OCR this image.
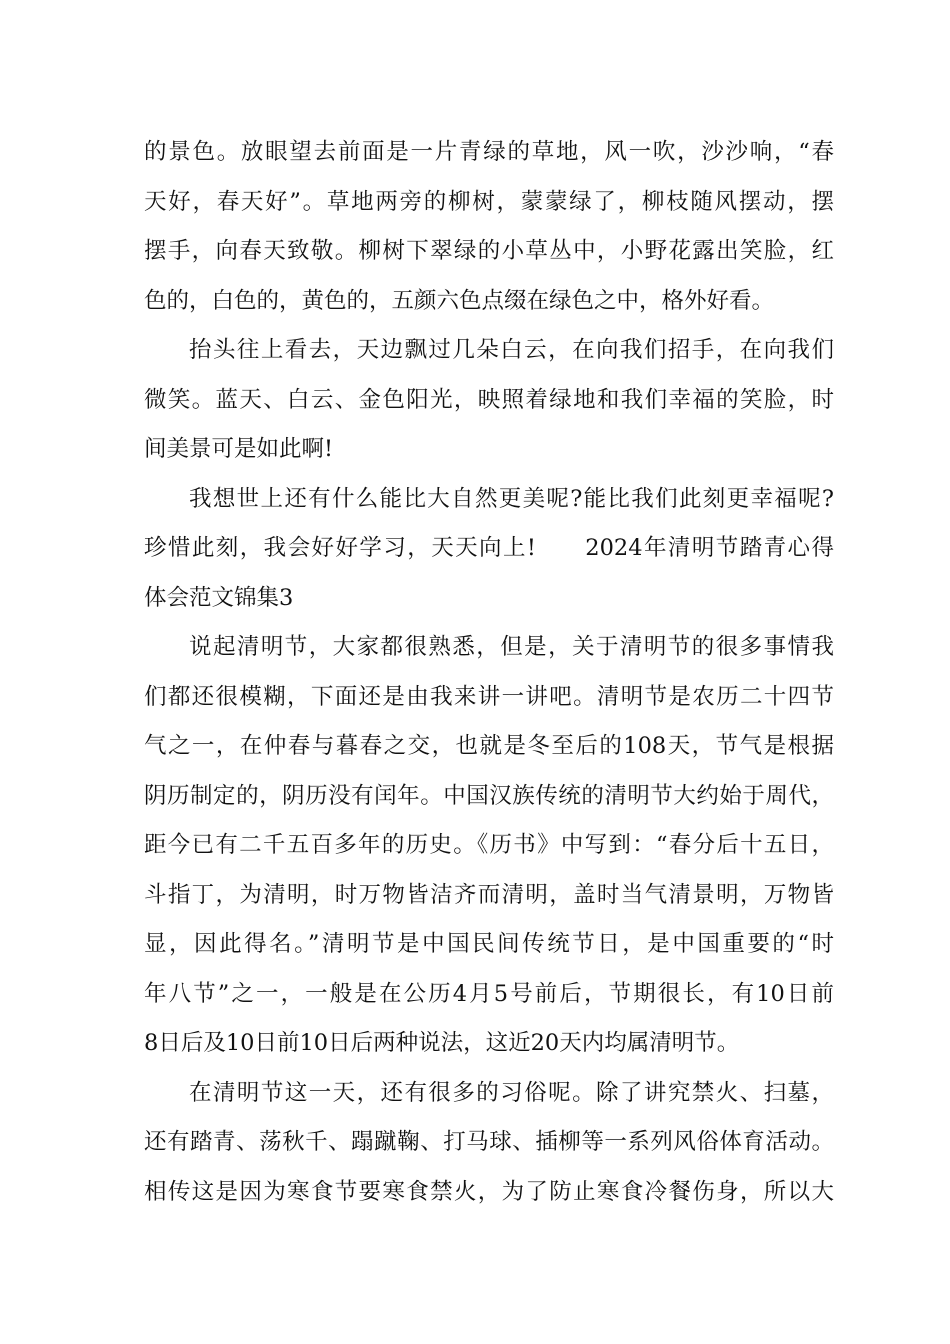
的景色。放眼望去前面是一片青绿的草地，风一吹，沙沙响，“春
天好，春天好”。草地两旁的柳树，蒙蒙绿了，柳枝随风摆动，摆
摆手，向春天致敬。柳树下翠绿的小草丛中，小野花露出笑脸，红
色的，白色的，黄色的，五颜六色点缀在绿色之中，格外好看。
抬头往上看去，天边飘过几朵白云，在向我们招手，在向我们
微笑。蓝天、白云、金色阳光，映照着绿地和我们幸福的笑脸，时
间美景可是如此啊!
我想世上还有什么能比大自然更美呢?能比我们此刻更幸福呢?
珍惜此刻，我会好好学习，天天向上!　　2024年清明节踏青心得
体会范文锦集3
说起清明节，大家都很熟悉，但是，关于清明节的很多事情我
们都还很模糊，下面还是由我来讲一讲吧。清明节是农历二十四节
气之一，在仲春与暮春之交，也就是冬至后的108天，节气是根据
阴历制定的，阴历没有闰年。中国汉族传统的清明节大约始于周代，
距今已有二千五百多年的历史。《历书》中写到：“春分后十五日，
斗指丁，为清明，时万物皆洁齐而清明，盖时当气清景明，万物皆
显，因此得名。”清明节是中国民间传统节日，是中国重要的“时
年八节”之一，一般是在公历4月5号前后，节期很长，有10日前
8日后及10日前10日后两种说法，这近20天内均属清明节。
在清明节这一天，还有很多的习俗呢。除了讲究禁火、扫墓，
还有踏青、荡秋千、蹋蹴鞠、打马球、插柳等一系列风俗体育活动。
相传这是因为寒食节要寒食禁火，为了防止寒食冷餐伤身，所以大
